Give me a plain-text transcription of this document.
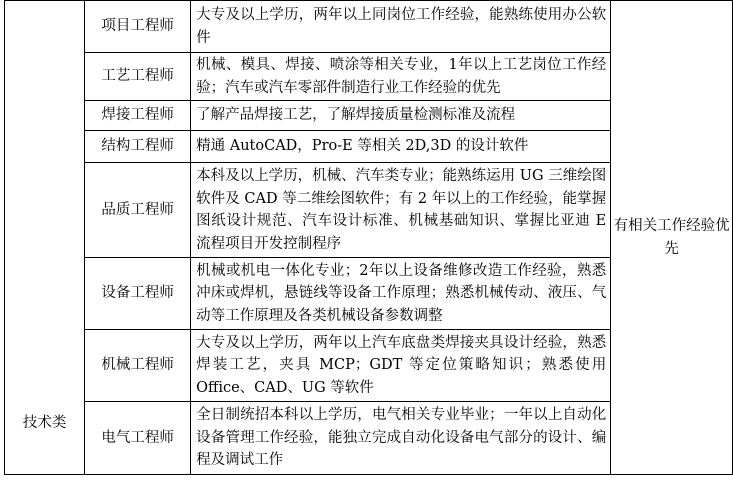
技术类	项目工程师	大专及以上学历，两年以上同岗位工作经验，能熟练使用办公软件	有相关工作经验优先
	工艺工程师	机械、模具、焊接、喷涂等相关专业，1年以上工艺岗位工作经验；汽车或汽车零部件制造行业工作经验的优先	
	焊接工程师	了解产品焊接工艺，了解焊接质量检测标准及流程	
	结构工程师	精通 AutoCAD，Pro-E 等相关 2D,3D 的设计软件	
	品质工程师	本科及以上学历，机械、汽车类专业；能熟练运用 UG 三维绘图软件及 CAD 等二维绘图软件；有 2 年以上的工作经验，能掌握图纸设计规范、汽车设计标准、机械基础知识、掌握比亚迪 E 流程项目开发控制程序	
	设备工程师	机械或机电一体化专业；2年以上设备维修改造工作经验，熟悉冲床或焊机，悬链线等设备工作原理；熟悉机械传动、液压、气动等工作原理及各类机械设备参数调整	
	机械工程师	大专及以上学历，两年以上汽车底盘类焊接夹具设计经验，熟悉焊装工艺，夹具 MCP；GDT 等定位策略知识；熟悉使用 Office、CAD、UG 等软件	
	电气工程师	全日制统招本科以上学历，电气相关专业毕业；一年以上自动化设备管理工作经验，能独立完成自动化设备电气部分的设计、编程及调试工作	
